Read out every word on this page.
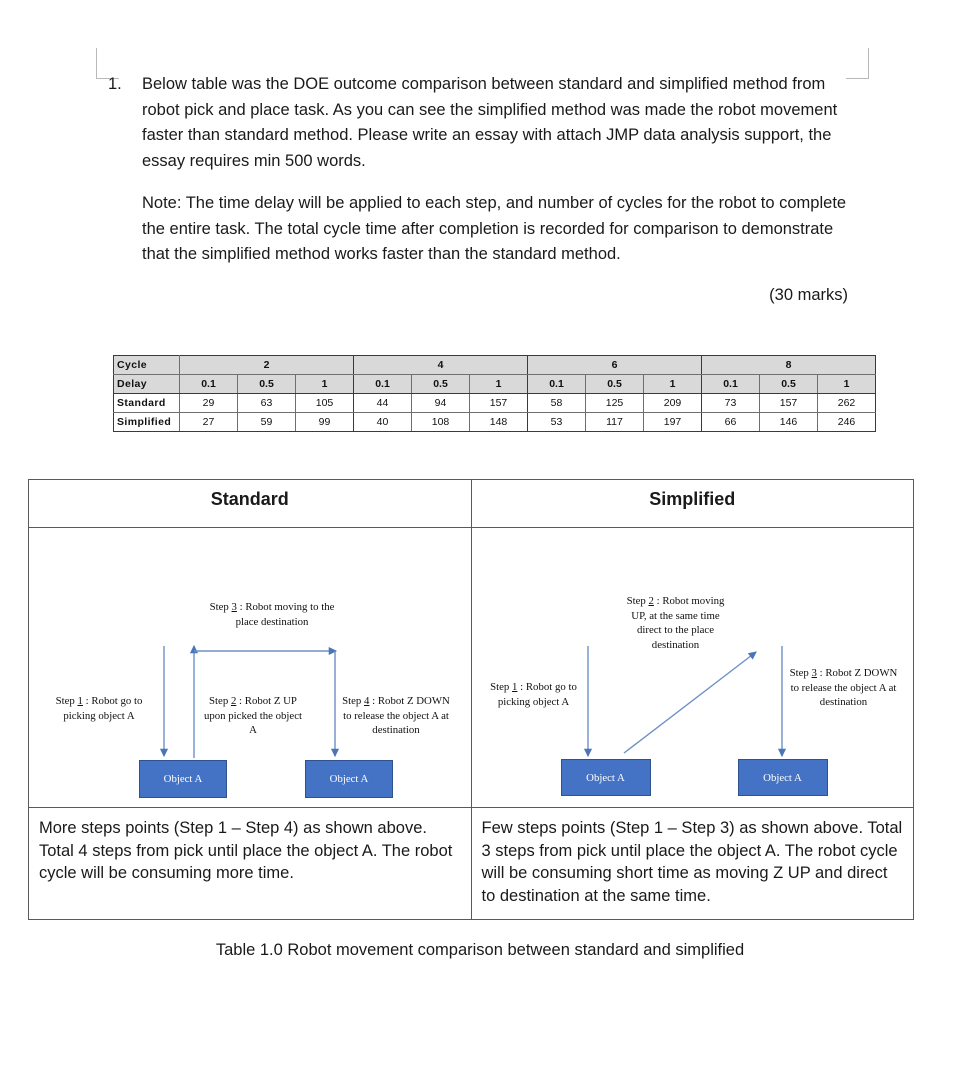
1.	Below table was the DOE outcome comparison between standard and simplified method from robot pick and place task. As you can see the simplified method was made the robot movement faster than standard method. Please write an essay with attach JMP data analysis support, the essay requires min 500 words.

Note: The time delay will be applied to each step, and number of cycles for the robot to complete the entire task. The total cycle time after completion is recorded for comparison to demonstrate that the simplified method works faster than the standard method.

(30 marks)
Cycle	2			4			6			8		
Delay	0.1	0.5	1	0.1	0.5	1	0.1	0.5	1	0.1	0.5	1
Standard	29	63	105	44	94	157	58	125	209	73	157	262
Simplified	27	59	99	40	108	148	53	117	197	66	146	246
Standard	Simplified
Step 1 : Robot go to picking object A
Step 2 : Robot Z UP upon picked the object A
Step 3 : Robot moving to the place destination
Step 4 : Robot Z DOWN to release the object A at destination
Object A	Object A
Step 1 : Robot go to picking object A
Step 2 : Robot moving UP, at the same time direct to the place destination
Step 3 : Robot Z DOWN to release the object A at destination
Object A	Object A
More steps points (Step 1 – Step 4) as shown above. Total 4 steps from pick until place the object A. The robot cycle will be consuming more time.
Few steps points (Step 1 – Step 3) as shown above. Total 3 steps from pick until place the object A. The robot cycle will be consuming short time as moving Z UP and direct to destination at the same time.
Table 1.0 Robot movement comparison between standard and simplified
